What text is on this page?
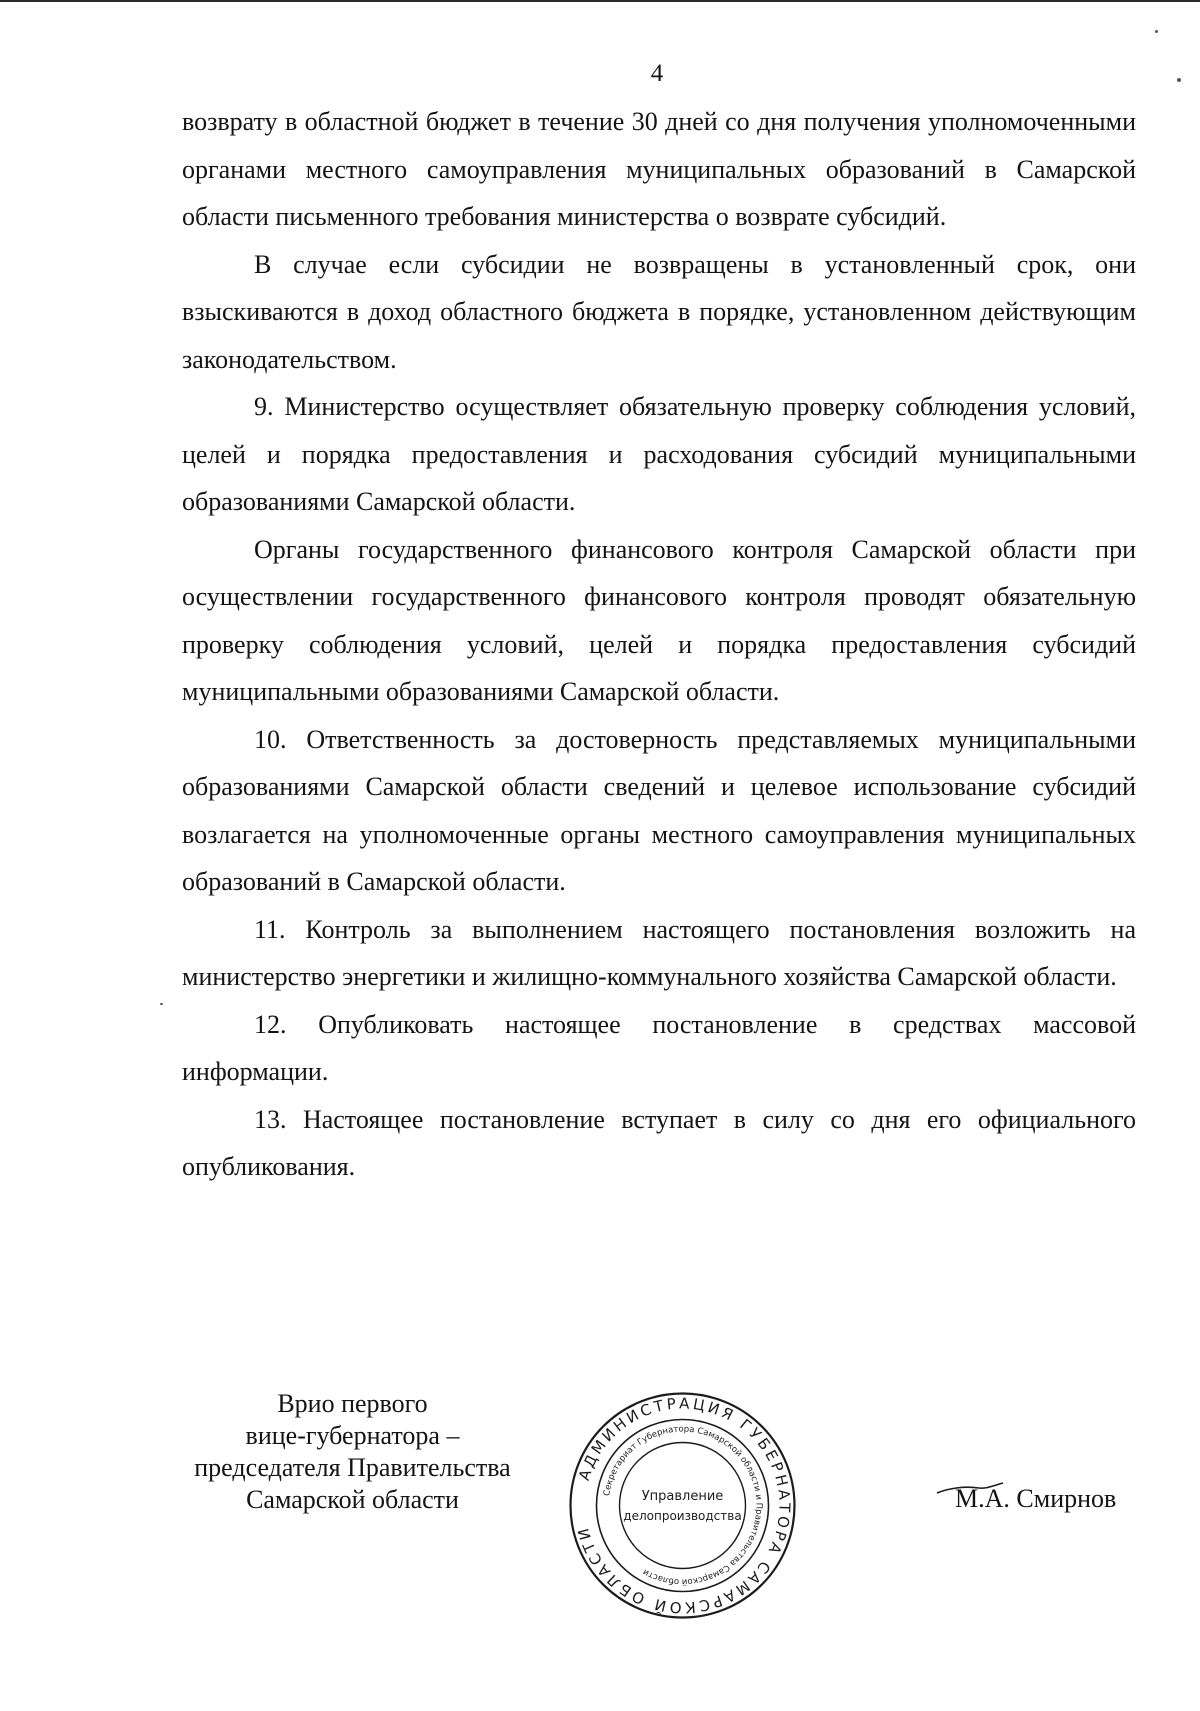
4

возврату в областной бюджет в течение 30 дней со дня получения уполномоченными органами местного самоуправления муниципальных образований в Самарской области письменного требования министерства о возврате субсидий.

В случае если субсидии не возвращены в установленный срок, они взыскиваются в доход областного бюджета в порядке, установленном действующим законодательством.

9. Министерство осуществляет обязательную проверку соблюдения условий, целей и порядка предоставления и расходования субсидий муниципальными образованиями Самарской области.

Органы государственного финансового контроля Самарской области при осуществлении государственного финансового контроля проводят обязательную проверку соблюдения условий, целей и порядка предоставления субсидий муниципальными образованиями Самарской области.

10. Ответственность за достоверность представляемых муниципальными образованиями Самарской области сведений и целевое использование субсидий возлагается на уполномоченные органы местного самоуправления муниципальных образований в Самарской области.

11. Контроль за выполнением настоящего постановления возложить на министерство энергетики и жилищно-коммунального хозяйства Самарской области.

12. Опубликовать настоящее постановление в средствах массовой информации.

13. Настоящее постановление вступает в силу со дня его официального опубликования.

Врио первого
вице-губернатора –
председателя Правительства
Самарской области
АДМИНИСТРАЦИЯ ГУБЕРНАТОРА САМАРСКОЙ ОБЛАСТИ
Секретариат Губернатора Самарской области и Правительства Самарской области
Управление
делопроизводства
М.А. Смирнов
